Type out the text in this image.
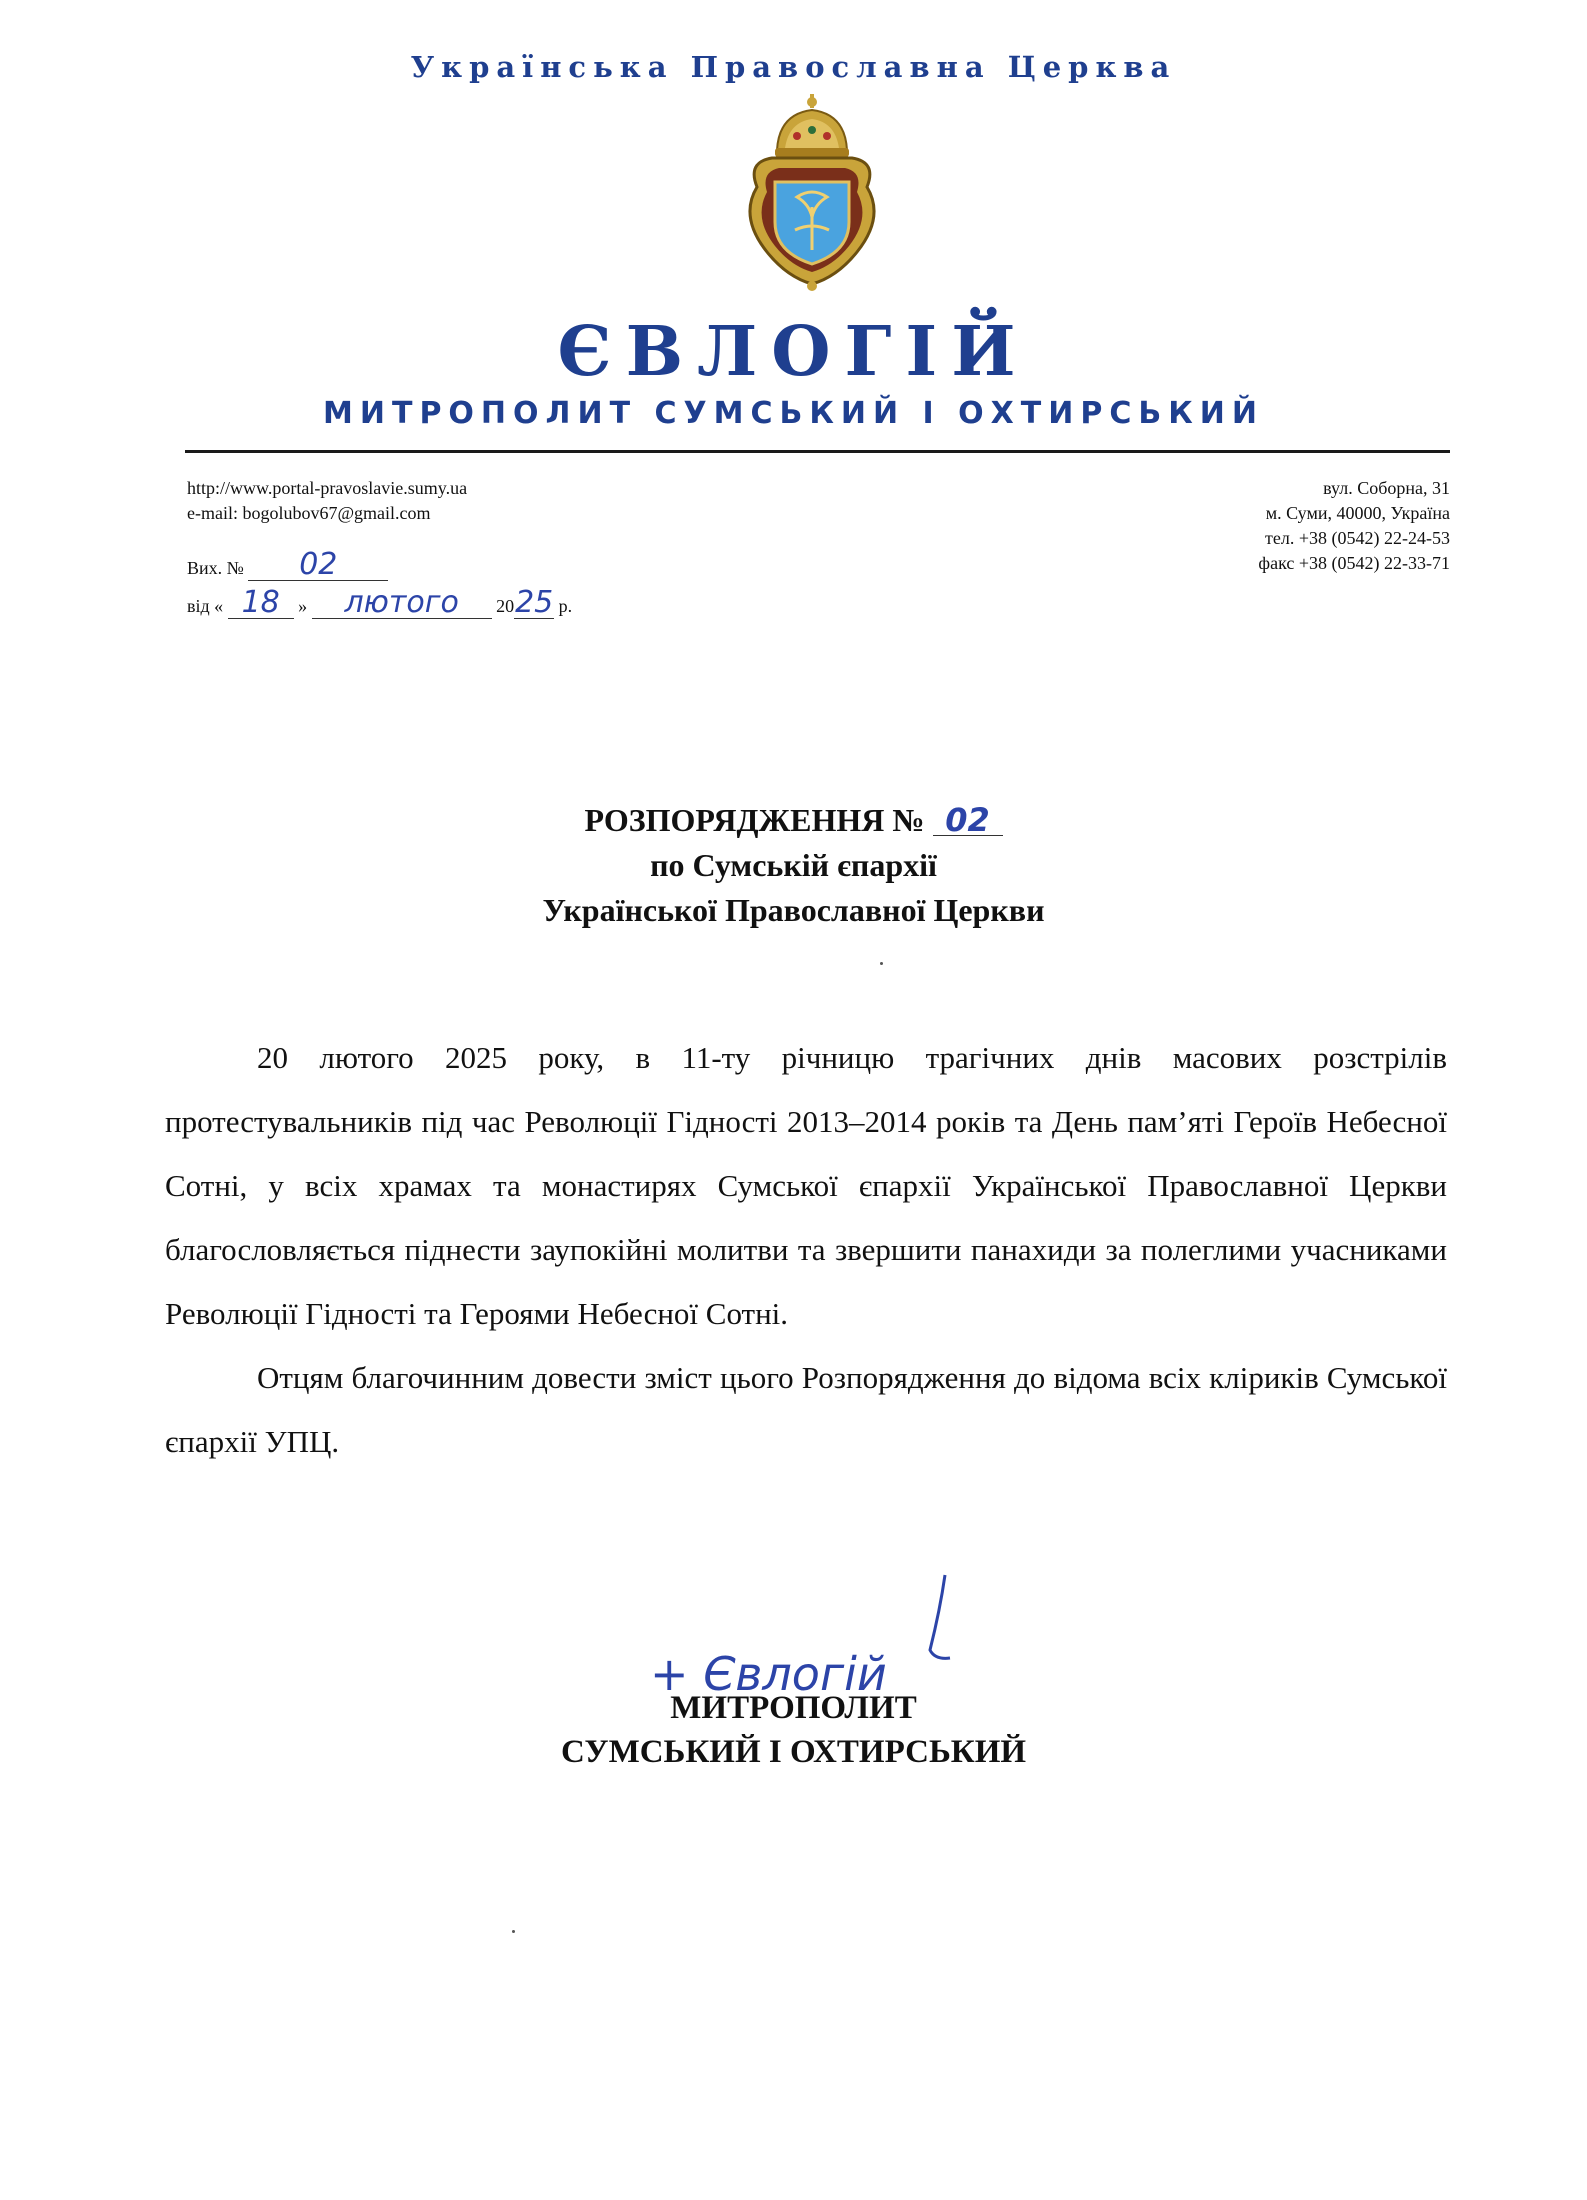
Українська Православна Церква
ЄВЛОГІЙ
МИТРОПОЛИТ СУМСЬКИЙ І ОХТИРСЬКИЙ
http://www.portal-pravoslavie.sumy.ua
e-mail: bogolubov67@gmail.com
вул. Соборна, 31
м. Суми, 40000, Україна
тел. +38 (0542) 22-24-53
факс +38 (0542) 22-33-71
Вих. № 02
від « 18 » лютого 2025 р.
РОЗПОРЯДЖЕННЯ № 02
по Сумській єпархії
Української Православної Церкви

20 лютого 2025 року, в 11-ту річницю трагічних днів масових розстрілів протестувальників під час Революції Гідності 2013–2014 років та День пам’яті Героїв Небесної Сотні, у всіх храмах та монастирях Сумської єпархії Української Православної Церкви благословляється піднести заупокійні молитви та звершити панахиди за полеглими учасниками Революції Гідності та Героями Небесної Сотні.

Отцям благочинним довести зміст цього Розпорядження до відома всіх кліриків Сумської єпархії УПЦ.

+ Євлогій
МИТРОПОЛИТ
СУМСЬКИЙ І ОХТИРСЬКИЙ
